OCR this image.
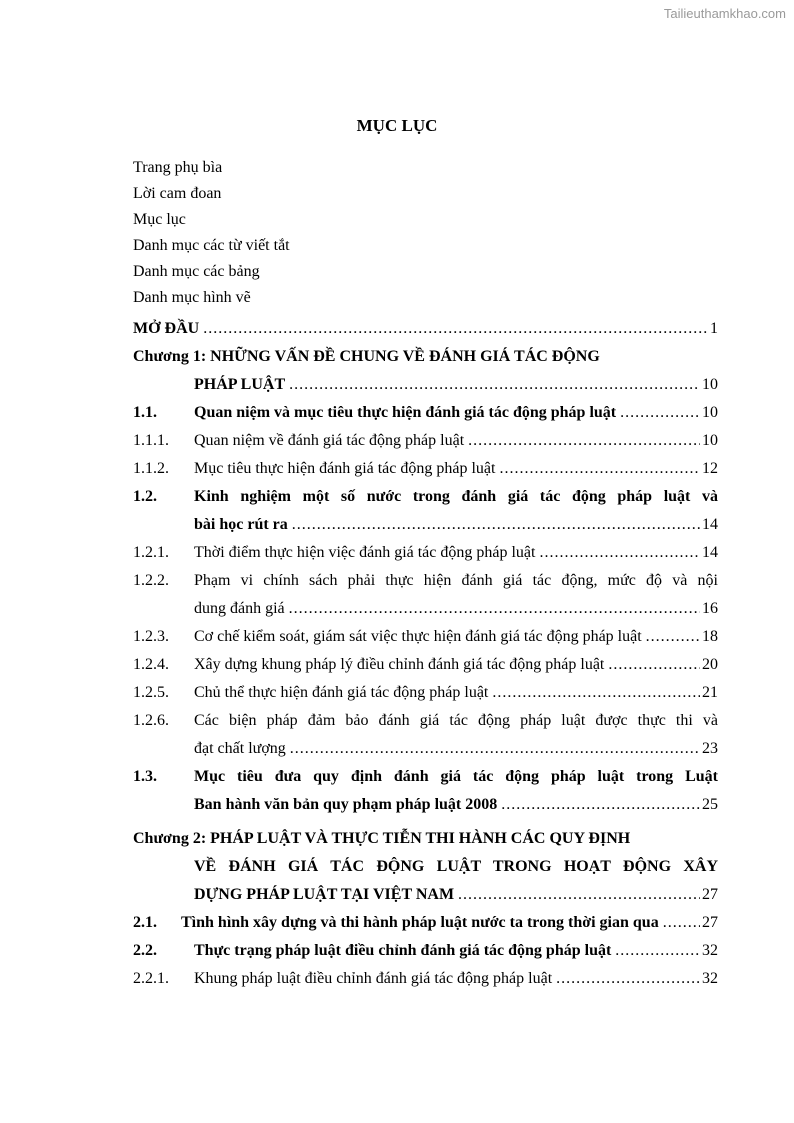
Tailieuthamkhao.com
MỤC LỤC
Trang phụ bìa
Lời cam đoan
Mục lục
Danh mục các từ viết tắt
Danh mục các bảng
Danh mục hình vẽ
MỞ ĐẦU .....	1
Chương 1: NHỮNG VẤN ĐỀ CHUNG VỀ ĐÁNH GIÁ TÁC ĐỘNG
PHÁP LUẬT .....	10
1.1. Quan niệm và mục tiêu thực hiện đánh giá tác động pháp luật .....	10
1.1.1. Quan niệm về đánh giá tác động pháp luật .....	10
1.1.2. Mục tiêu thực hiện đánh giá tác động pháp luật .....	12
1.2. Kinh nghiệm một số nước trong đánh giá tác động pháp luật và
bài học rút ra .....	14
1.2.1. Thời điểm thực hiện việc đánh giá tác động pháp luật .....	14
1.2.2. Phạm vi chính sách phải thực hiện đánh giá tác động, mức độ và nội
dung đánh giá .....	16
1.2.3. Cơ chế kiểm soát, giám sát việc thực hiện đánh giá tác động pháp luật .....	18
1.2.4. Xây dựng khung pháp lý điều chỉnh đánh giá tác động pháp luật .....	20
1.2.5. Chủ thể thực hiện đánh giá tác động pháp luật .....	21
1.2.6. Các biện pháp đảm bảo đánh giá tác động pháp luật được thực thi và
đạt chất lượng .....	23
1.3. Mục tiêu đưa quy định đánh giá tác động pháp luật trong Luật
Ban hành văn bản quy phạm pháp luật 2008 .....	25
Chương 2: PHÁP LUẬT VÀ THỰC TIỄN THI HÀNH CÁC QUY ĐỊNH
VỀ ĐÁNH GIÁ TÁC ĐỘNG LUẬT TRONG HOẠT ĐỘNG XÂY
DỰNG PHÁP LUẬT TẠI VIỆT NAM .....	27
2.1. Tình hình xây dựng và thi hành pháp luật nước ta trong thời gian qua .....	27
2.2. Thực trạng pháp luật điều chỉnh đánh giá tác động pháp luật .....	32
2.2.1. Khung pháp luật điều chỉnh đánh giá tác động pháp luật .....	32
